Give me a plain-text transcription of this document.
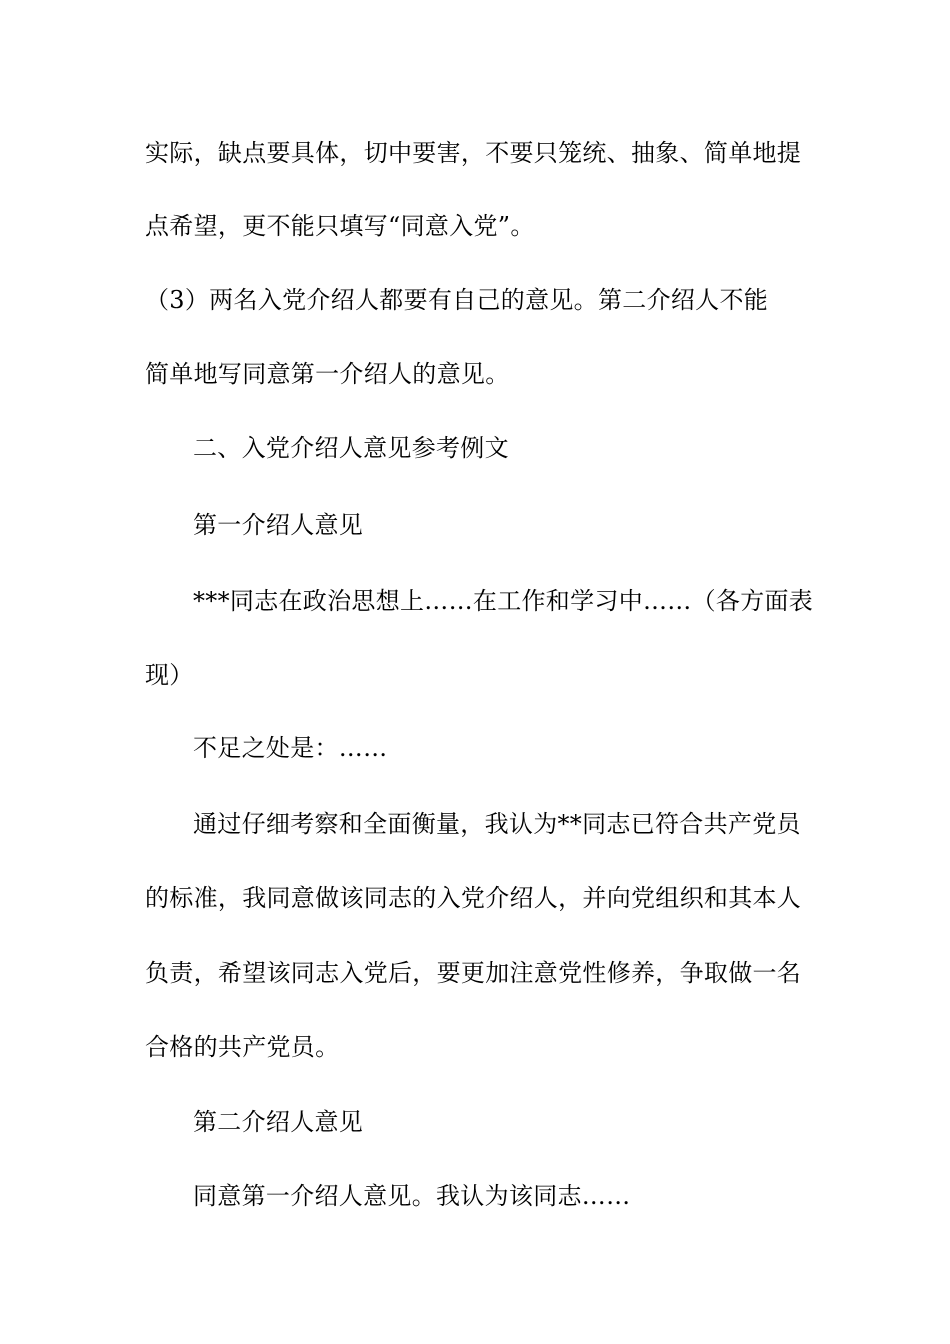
实际，缺点要具体，切中要害，不要只笼统、抽象、简单地提
点希望，更不能只填写“同意入党”。
（3）两名入党介绍人都要有自己的意见。第二介绍人不能
简单地写同意第一介绍人的意见。
二、入党介绍人意见参考例文
第一介绍人意见
***同志在政治思想上……在工作和学习中……（各方面表
现）
不足之处是：……
通过仔细考察和全面衡量，我认为**同志已符合共产党员
的标准，我同意做该同志的入党介绍人，并向党组织和其本人
负责，希望该同志入党后，要更加注意党性修养，争取做一名
合格的共产党员。
第二介绍人意见
同意第一介绍人意见。我认为该同志……
